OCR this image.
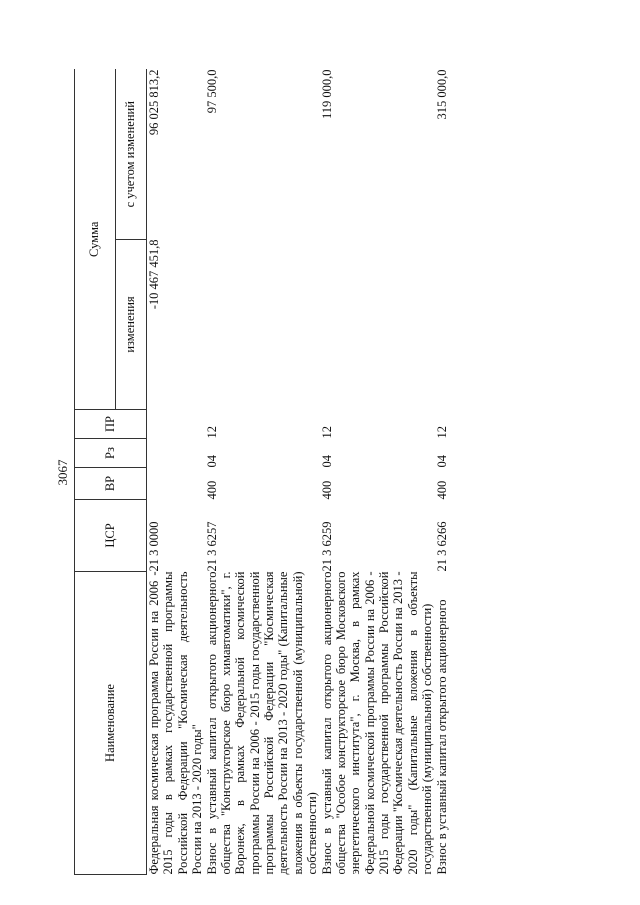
3067
Наименование	ЦСР	ВР	Рз	ПР	Сумма	
					изменения	с учетом изменений
Федеральная космическая программа России на 2006 - 2015 годы в рамках государственной программы Российской Федерации "Космическая деятельность России на 2013 - 2020 годы"	21 3 0000				-10 467 451,8	96 025 813,2
Взнос в уставный капитал открытого акционерного общества "Конструкторское бюро химавтоматики", г. Воронеж, в рамках Федеральной космической программы России на 2006 - 2015 годы государственной программы Российской Федерации "Космическая деятельность России на 2013 - 2020 годы" (Капитальные вложения в объекты государственной (муниципальной) собственности)	21 3 6257	400	04	12		97 500,0
Взнос в уставный капитал открытого акционерного общества "Особое конструкторское бюро Московского энергетического института", г. Москва, в рамках Федеральной космической программы России на 2006 - 2015 годы государственной программы Российской Федерации "Космическая деятельность России на 2013 - 2020 годы" (Капитальные вложения в объекты государственной (муниципальной) собственности)	21 3 6259	400	04	12		119 000,0
Взнос в уставный капитал открытого акционерного	21 3 6266	400	04	12		315 000,0
